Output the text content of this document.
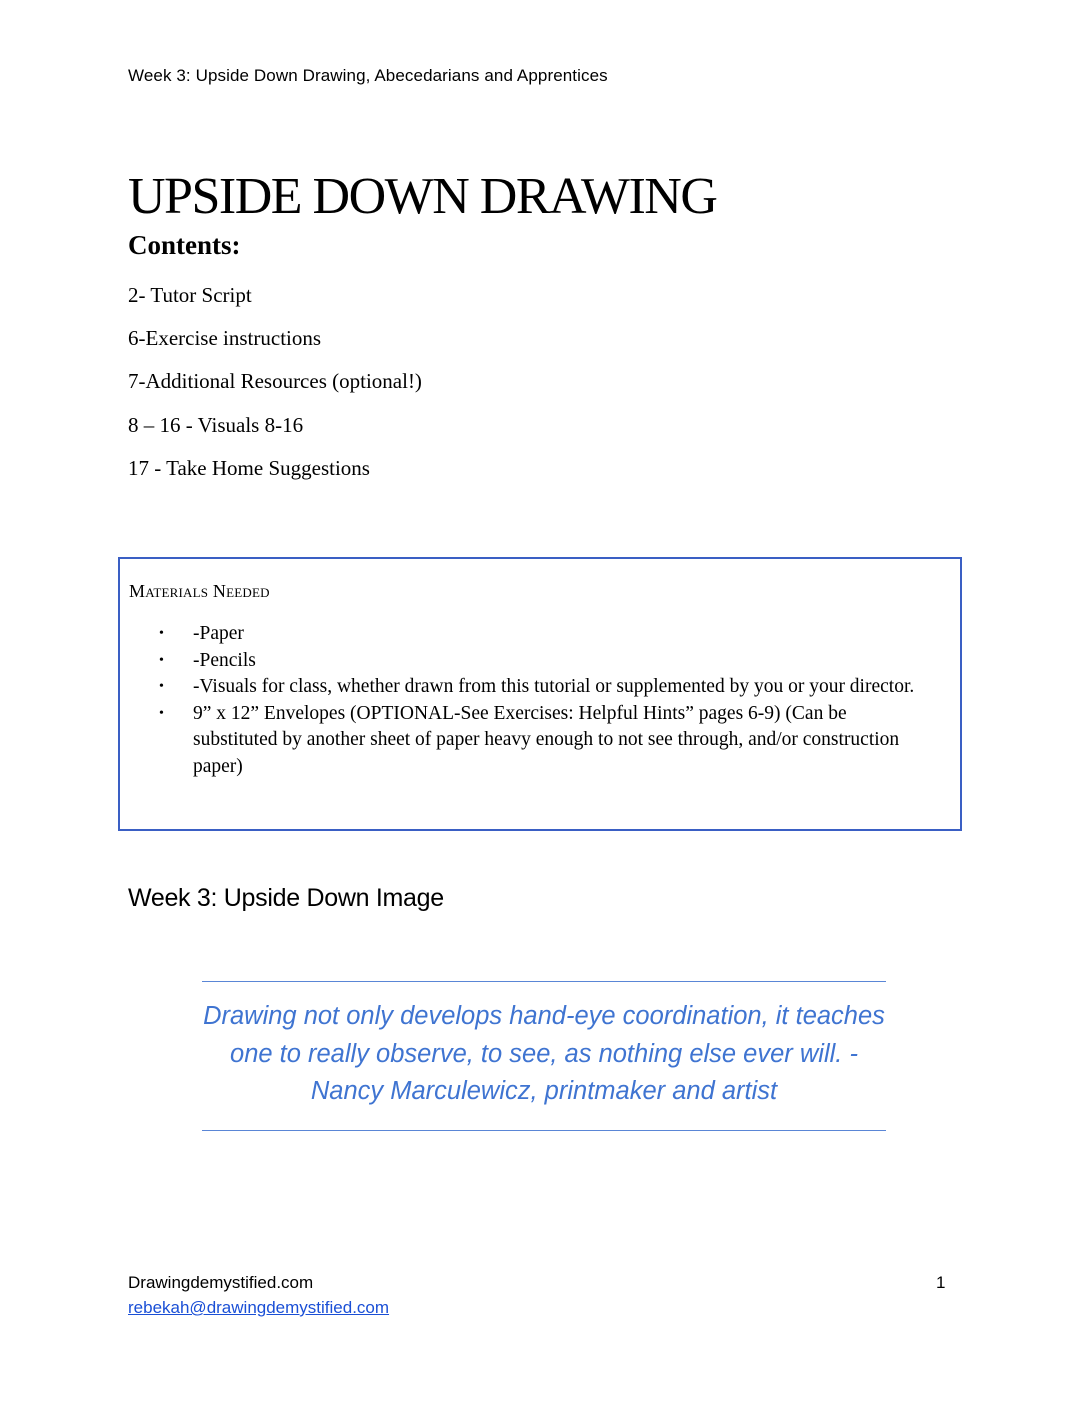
Week 3: Upside Down Drawing, Abecedarians and Apprentices
UPSIDE DOWN DRAWING
Contents:
2- Tutor Script
6-Exercise instructions
7-Additional Resources (optional!)
8 – 16 - Visuals 8-16
17 - Take Home Suggestions
Materials Needed
• -Paper
• -Pencils
• -Visuals for class, whether drawn from this tutorial or supplemented by you or your director.
• 9” x 12” Envelopes (OPTIONAL-See Exercises: Helpful Hints” pages 6-9) (Can be substituted by another sheet of paper heavy enough to not see through, and/or construction paper)
Week 3: Upside Down Image

Drawing not only develops hand-eye coordination, it teaches one to really observe, to see, as nothing else ever will. -Nancy Marculewicz, printmaker and artist

Drawingdemystified.com
rebekah@drawingdemystified.com
1
